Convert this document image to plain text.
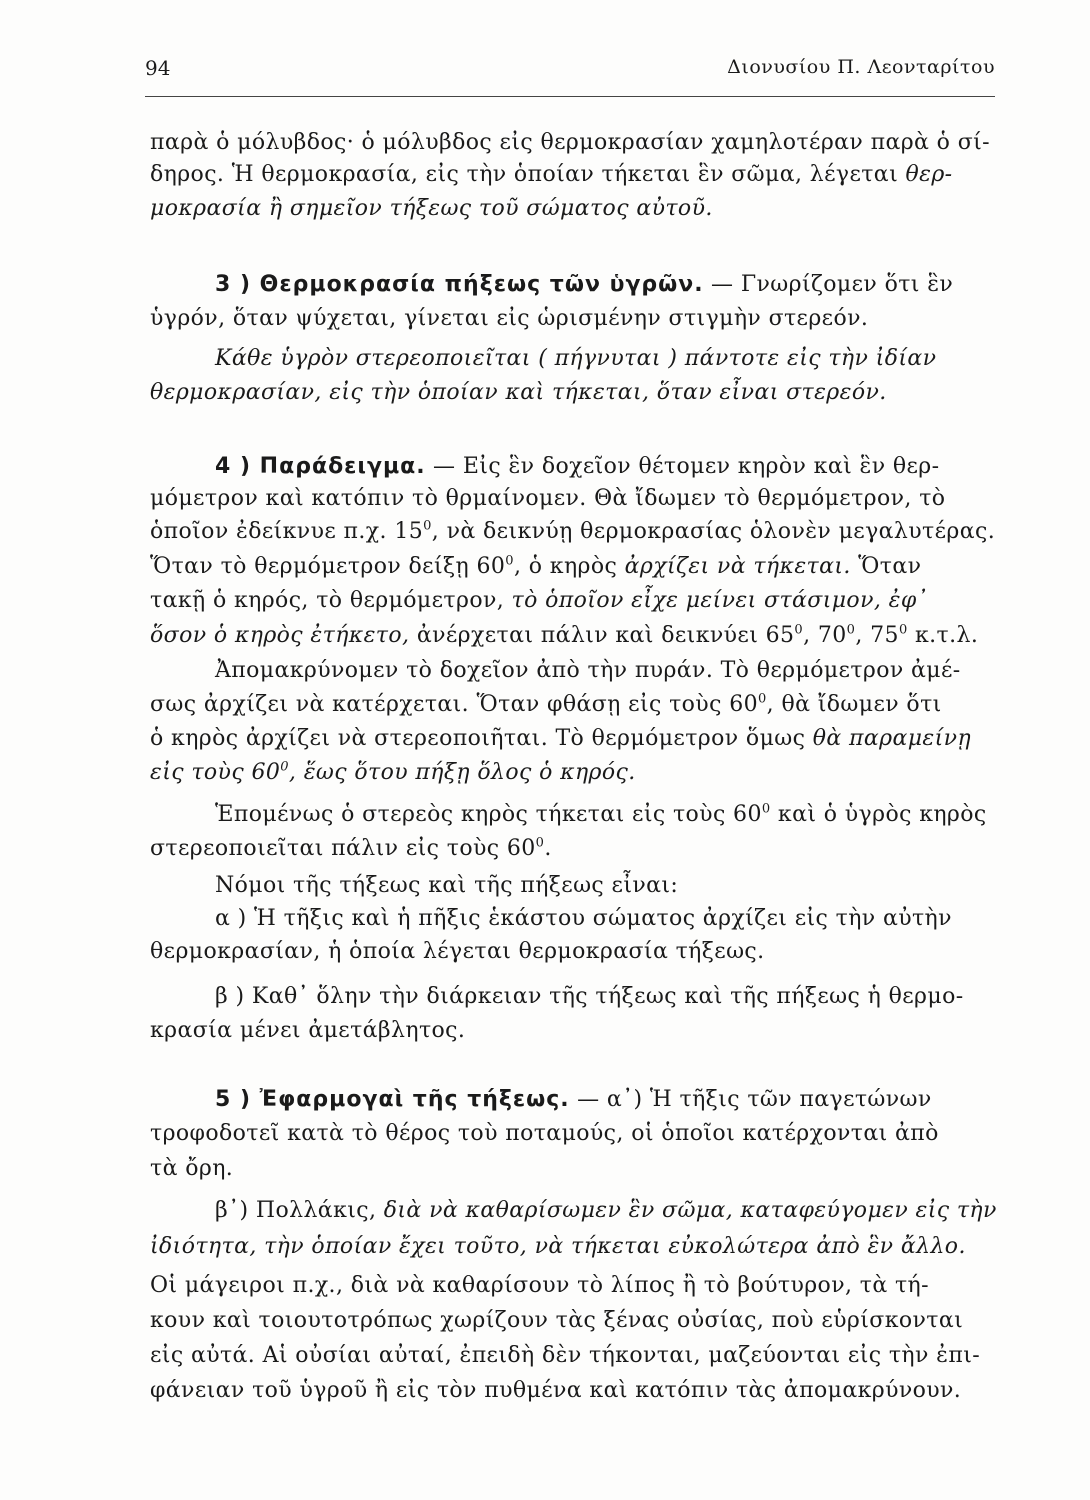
94	Διονυσίου Π. Λεονταρίτου
παρὰ ὁ μόλυβδος· ὁ μόλυβδος εἰς θερμοκρασίαν χαμηλοτέραν παρὰ ὁ σί-
δηρος. Ἡ θερμοκρασία, εἰς τὴν ὁποίαν τήκεται ἓν σῶμα, λέγεται θερ-
μοκρασία ἢ σημεῖον τήξεως τοῦ σώματος αὐτοῦ.
3 ) Θερμοκρασία πήξεως τῶν ὑγρῶν. — Γνωρίζομεν ὅτι ἓν
ὑγρόν, ὅταν ψύχεται, γίνεται εἰς ὡρισμένην στιγμὴν στερεόν.
Κάθε ὑγρὸν στερεοποιεῖται ( πήγνυται ) πάντοτε εἰς τὴν ἰδίαν
θερμοκρασίαν, εἰς τὴν ὁποίαν καὶ τήκεται, ὅταν εἶναι στερεόν.
4 ) Παράδειγμα. — Εἰς ἓν δοχεῖον θέτομεν κηρὸν καὶ ἓν θερ-
μόμετρον καὶ κατόπιν τὸ θρμαίνομεν. Θὰ ἴδωμεν τὸ θερμόμετρον, τὸ
ὁποῖον ἐδείκνυε π.χ. $15^0$, νὰ δεικνύῃ θερμοκρασίας ὁλονὲν μεγαλυτέρας.
Ὅταν τὸ θερμόμετρον δείξῃ $60^0$, ὁ κηρὸς ἀρχίζει νὰ τήκεται. Ὅταν
τακῇ ὁ κηρός, τὸ θερμόμετρον, τὸ ὁποῖον εἶχε μείνει στάσιμον, ἐφ᾽
ὅσον ὁ κηρὸς ἐτήκετο, ἀνέρχεται πάλιν καὶ δεικνύει $65^0$, $70^0$, $75^0$ κ.τ.λ.
Ἀπομακρύνομεν τὸ δοχεῖον ἀπὸ τὴν πυράν. Τὸ θερμόμετρον ἀμέ-
σως ἀρχίζει νὰ κατέρχεται. Ὅταν φθάσῃ εἰς τοὺς $60^0$, θὰ ἴδωμεν ὅτι
ὁ κηρὸς ἀρχίζει νὰ στερεοποιῆται. Τὸ θερμόμετρον ὅμως θὰ παραμείνῃ
εἰς τοὺς $60^0$, ἕως ὅτου πήξῃ ὅλος ὁ κηρός.
Ἑπομένως ὁ στερεὸς κηρὸς τήκεται εἰς τοὺς $60^0$ καὶ ὁ ὑγρὸς κηρὸς
στερεοποιεῖται πάλιν εἰς τοὺς $60^0$.
Νόμοι τῆς τήξεως καὶ τῆς πήξεως εἶναι:
α ) Ἡ τῆξις καὶ ἡ πῆξις ἑκάστου σώματος ἀρχίζει εἰς τὴν αὐτὴν
θερμοκρασίαν, ἡ ὁποία λέγεται θερμοκρασία τήξεως.
β ) Καθ᾽ ὅλην τὴν διάρκειαν τῆς τήξεως καὶ τῆς πήξεως ἡ θερμο-
κρασία μένει ἀμετάβλητος.
5 ) Ἐφαρμογαὶ τῆς τήξεως. — α᾽) Ἡ τῆξις τῶν παγετώνων
τροφοδοτεῖ κατὰ τὸ θέρος τοὺ ποταμούς, οἱ ὁποῖοι κατέρχονται ἀπὸ
τὰ ὄρη.
β᾽) Πολλάκις, διὰ νὰ καθαρίσωμεν ἓν σῶμα, καταφεύγομεν εἰς τὴν
ἰδιότητα, τὴν ὁποίαν ἔχει τοῦτο, νὰ τήκεται εὐκολώτερα ἀπὸ ἓν ἄλλο.
Οἱ μάγειροι π.χ., διὰ νὰ καθαρίσουν τὸ λίπος ἢ τὸ βούτυρον, τὰ τή-
κουν καὶ τοιουτοτρόπως χωρίζουν τὰς ξένας οὐσίας, ποὺ εὑρίσκονται
εἰς αὐτά. Αἱ οὐσίαι αὐταί, ἐπειδὴ δὲν τήκονται, μαζεύονται εἰς τὴν ἐπι-
φάνειαν τοῦ ὑγροῦ ἢ εἰς τὸν πυθμένα καὶ κατόπιν τὰς ἀπομακρύνουν.
